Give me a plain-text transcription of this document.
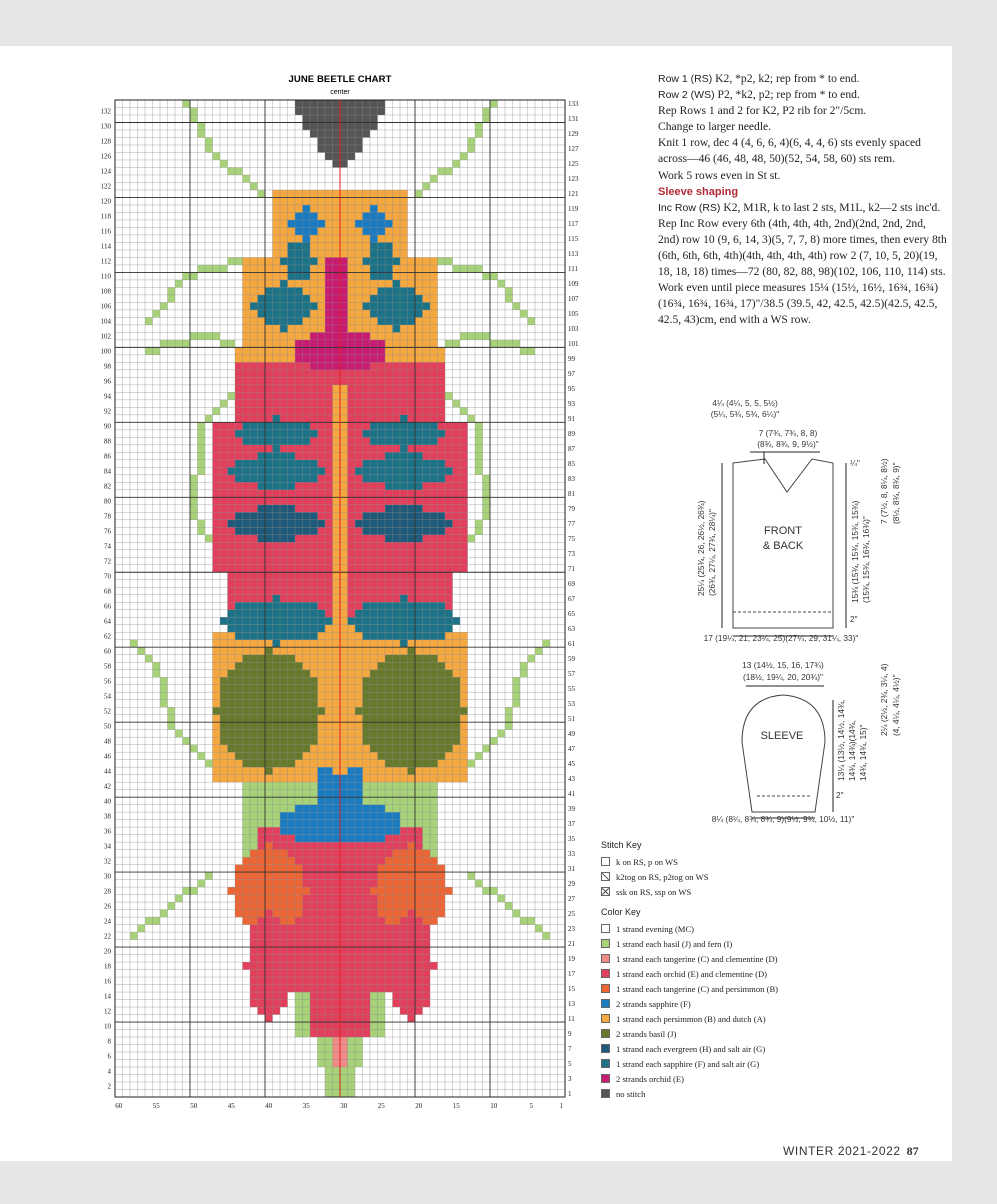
JUNE BEETLE CHART
center
2
4
6
8
10
12
14
16
18
20
22
24
26
28
30
32
34
36
38
40
42
44
46
48
50
52
54
56
58
60
62
64
66
68
70
72
74
76
78
80
82
84
86
88
90
92
94
96
98
100
102
104
106
108
110
112
114
116
118
120
122
124
126
128
130
132
1
3
5
7
9
11
13
15
17
19
21
23
25
27
29
31
33
35
37
39
41
43
45
47
49
51
53
55
57
59
61
63
65
67
69
71
73
75
77
79
81
83
85
87
89
91
93
95
97
99
101
103
105
107
109
111
113
115
117
119
121
123
125
127
129
131
133
60	55	50	45	40	35	30	25	20	15	10	5	1

Row 1 (RS) K2, *p2, k2; rep from * to end.

Row 2 (WS) P2, *k2, p2; rep from * to end.

Rep Rows 1 and 2 for K2, P2 rib for 2"/5cm.

Change to larger needle.

Knit 1 row, dec 4 (4, 6, 6, 4)(6, 4, 4, 6) sts evenly spaced across—46 (46, 48, 48, 50)(52, 54, 58, 60) sts rem.

Work 5 rows even in St st.

Sleeve shaping

Inc Row (RS) K2, M1R, k to last 2 sts, M1L, k2—2 sts inc'd.

Rep Inc Row every 6th (4th, 4th, 4th, 2nd)(2nd, 2nd, 2nd, 2nd) row 10 (9, 6, 14, 3)(5, 7, 7, 8) more times, then every 8th (6th, 6th, 6th, 4th)(4th, 4th, 4th, 4th) row 2 (7, 10, 5, 20)(19, 18, 18, 18) times—72 (80, 82, 88, 98)(102, 106, 110, 114) sts.

Work even until piece measures 15¼ (15½, 16½, 16¾, 16¾)(16¾, 16¾, 16¾, 17)"/38.5 (39.5, 42, 42.5, 42.5)(42.5, 42.5, 42.5, 43)cm, end with a WS row.

4¼ (4¼, 5, 5, 5½)
(5¼, 5¾, 5¾, 6¼)"
7 (7¾, 7¾, 8, 8)
(8¾, 8¾, 9, 9½)"
¼" 7 (7½, 8, 8¼, 8½) (8½, 8¾, 8¾, 9)"
25¼ (25¾, 26, 26½, 26¾) (26¾, 27¼, 27¾, 28¼)"	15¾ (15¾, 15¾, 15¾, 15¾) (15¾, 15¾, 16¾, 16¾)"
2"
FRONT
& BACK
17 (19¼, 21, 23¼, 25)(27¼, 29, 31¼, 33)"
13 (14½, 15, 16, 17¾)
(18½, 19¼, 20, 20¾)"	2¼ (2½, 2¾, 3¼, 4) (4, 4¼, 4¼, 4½)"
SLEEVE	13¼ (13½, 14½, 14¾, 14¾, 14¾)(14¾, 14¾, 14¾, 15)"
2"
8¼ (8¼, 8¾, 8¾, 9)(9½, 9¾, 10½, 11)"
Stitch Key
k on RS, p on WS
k2tog on RS, p2tog on WS
ssk on RS, ssp on WS
Color Key
1 strand evening (MC)
1 strand each basil (J) and fern (I)
1 strand each tangerine (C) and clementine (D)
1 strand each orchid (E) and clementine (D)
1 strand each tangerine (C) and persimmon (B)
2 strands sapphire (F)
1 strand each persimmon (B) and dutch (A)
2 strands basil (J)
1 strand each evergreen (H) and salt air (G)
1 strand each sapphire (F) and salt air (G)
2 strands orchid (E)
no stitch
WINTER 2021-2022 87
